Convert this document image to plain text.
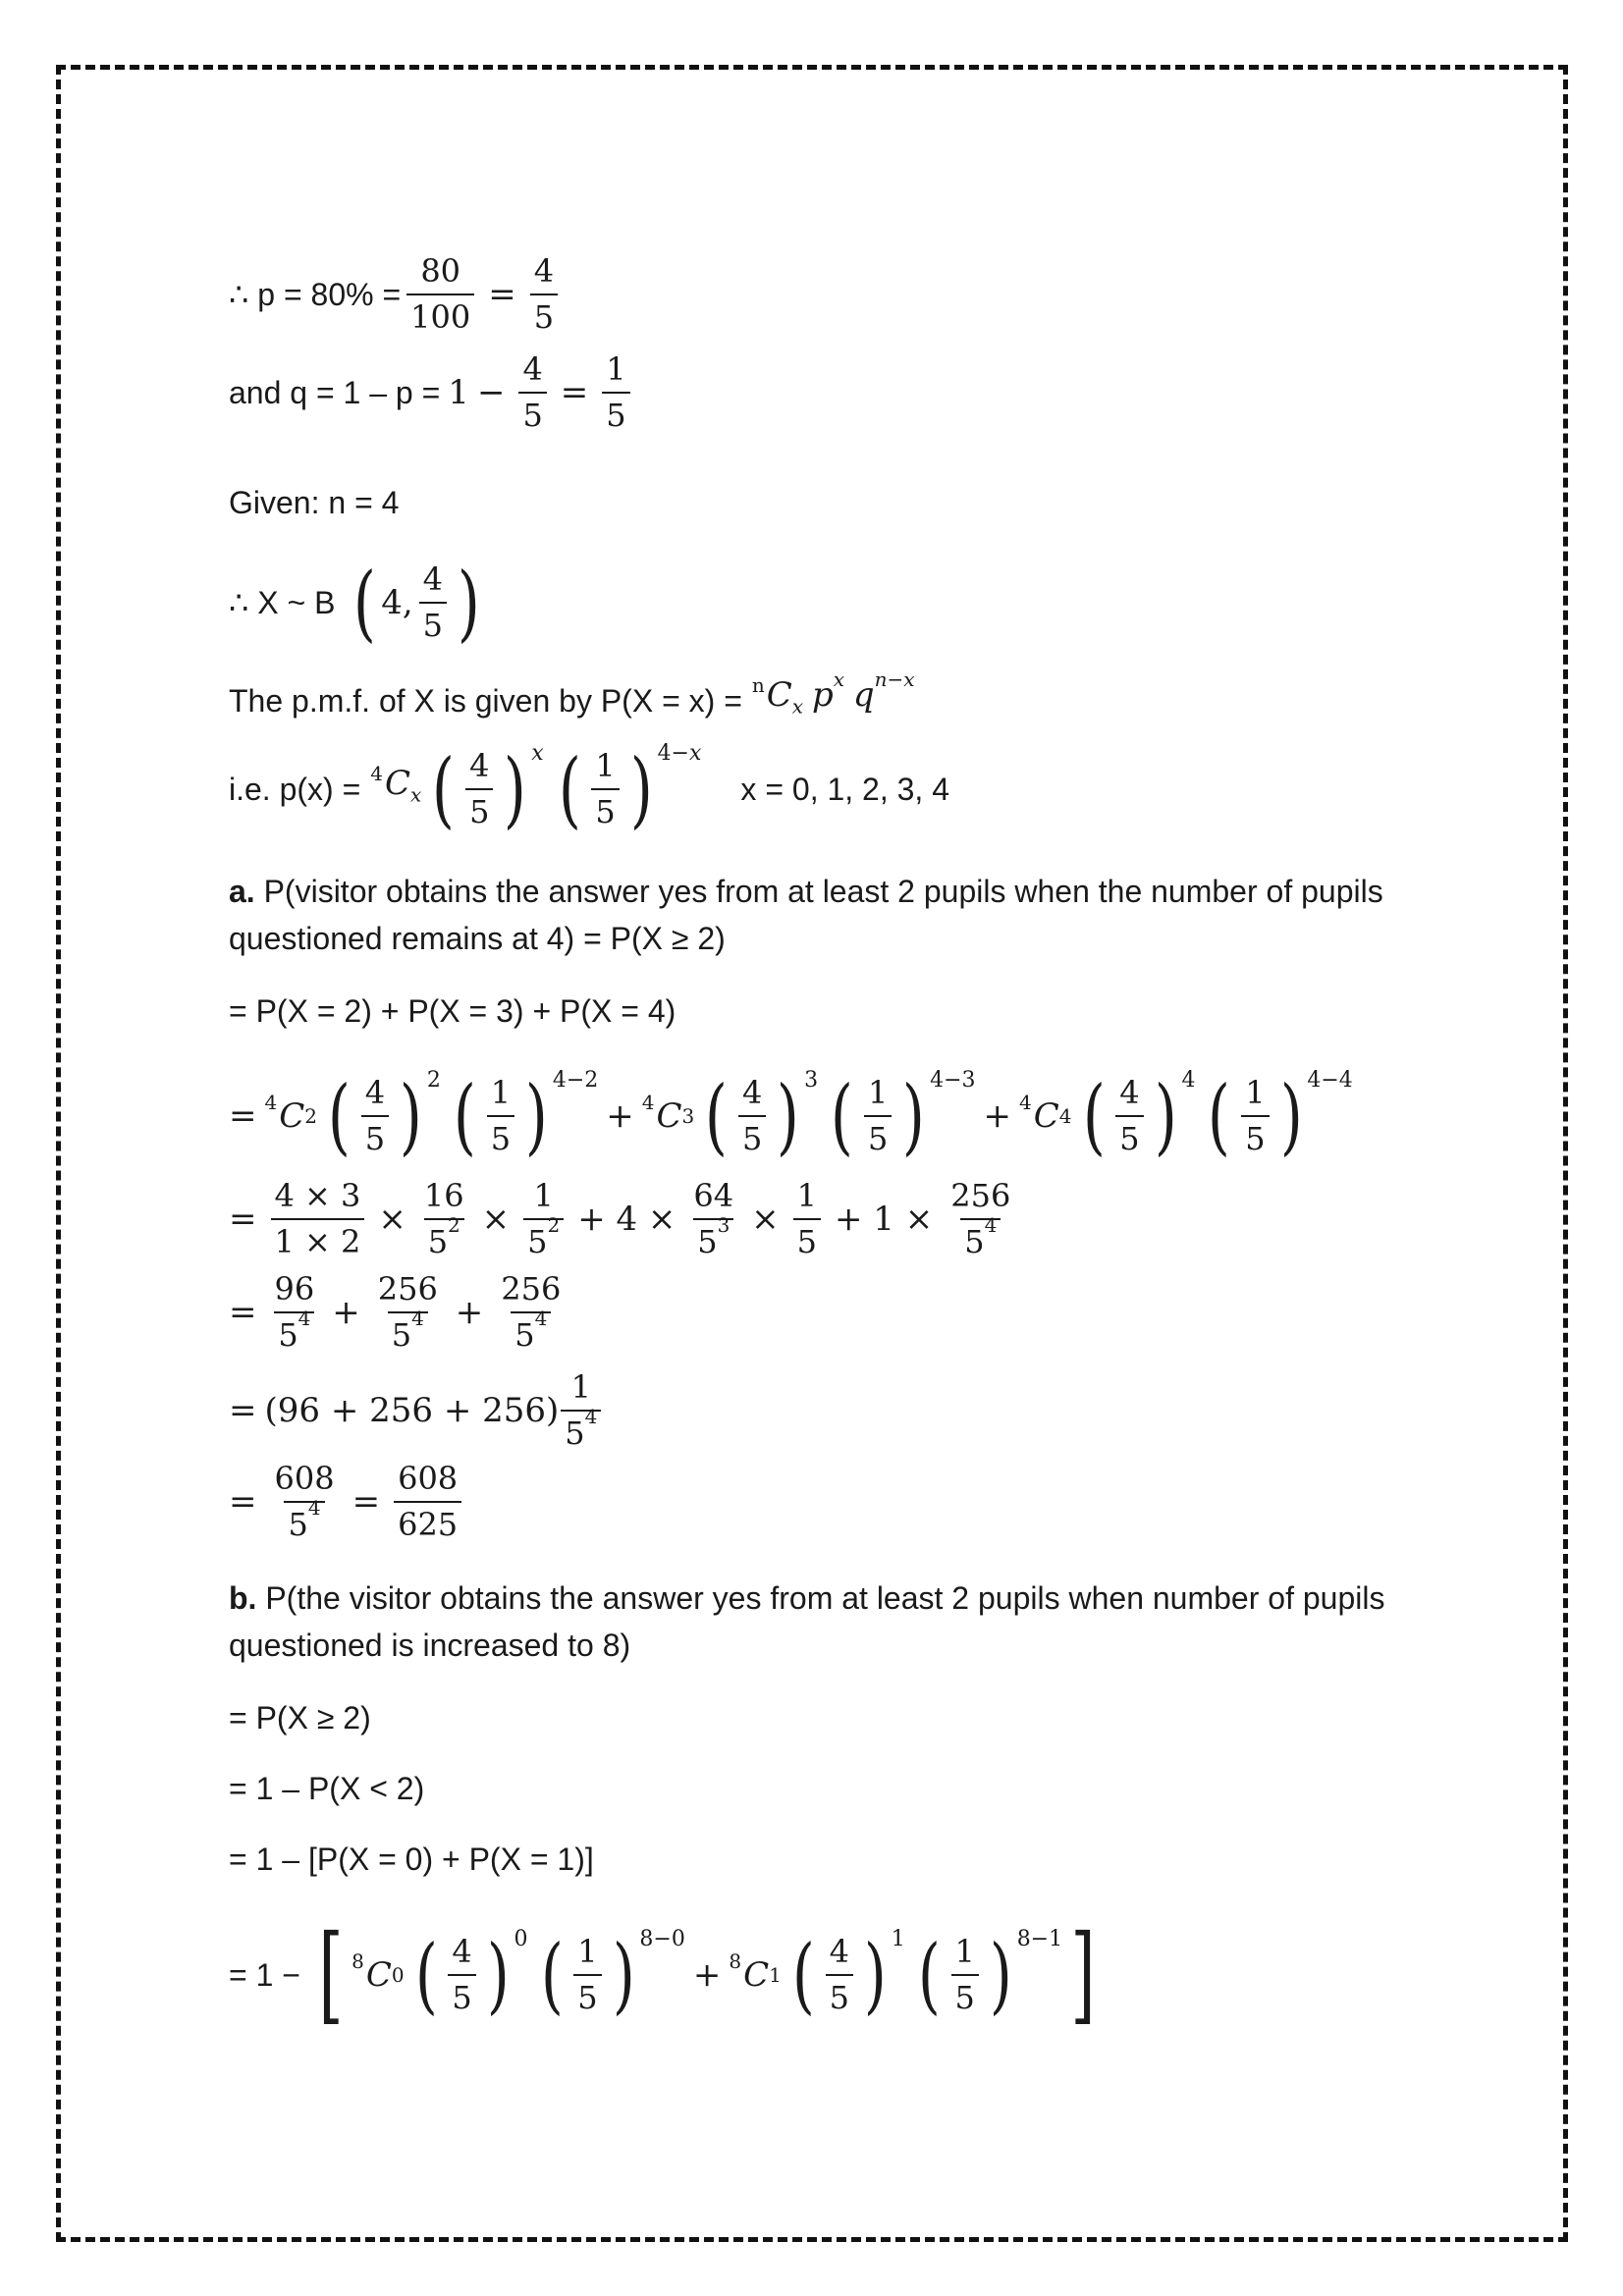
∴ $p = 80\% = \frac{80}{100} = \frac{4}{5}$
and $q = 1 - p = 1 - \frac{4}{5} = \frac{1}{5}$
Given: n = 4
∴ X ~ B ( 4, $\frac{4}{5}$ )
The p.m.f. of X is given by $P(X = x) = ^nC_x$ $p^x$ $q^{n-x}$
i.e. $p(x) = ^4C_x$ ( $\frac{4}{5}$ ) $^x$ ( $\frac{1}{5} )^{4-x}$
x = 0, 1, 2, 3, 4
a. P(visitor obtains the answer yes from at least 2 pupils when the number of pupils
questioned remains at 4) = P(X ≥ 2)
= P(X = 2) + P(X = 3) + P(X = 4)
= 4 C 2 ( $\frac{4}{5} )^2$ ( $\frac{1}{5} )^{4-2}$
+ 4 C 3 ( $\frac{4}{5} )^3$ ( $\frac{1}{5} )^{4-3}$
+ 4 C 4 ( $\frac{4}{5} )^4$ ( $\frac{1}{5} )^{4-4}$
= $\frac{4 \times 3}{1 \times 2} \times \frac{16}{5^2} \times \frac{1}{5^2} + 4 \times \frac{64}{5^3} \times \frac{1}{5} + 1 \times \frac{256}{5^4}$
= $\frac{96}{5^4} + \frac{256}{5^4} + \frac{256}{5^4}$
= $(96 + 256 + 256) \frac{1}{5^4}$
= $\frac{608}{5^4} = \frac{608}{625}$
b. P(the visitor obtains the answer yes from at least 2 pupils when number of pupils
questioned is increased to 8)
= P(X ≥ 2)
= 1 – P(X < 2)
= 1 – [P(X = 0) + P(X = 1)]
= 1 − [ 8 C 0 ( $\frac{4}{5} )^0$ ( $\frac{1}{5} )^{8-0}$
+ 8 C 1 ( $\frac{4}{5} )^1$ ( $\frac{1}{5} )^{8-1}$ ]
